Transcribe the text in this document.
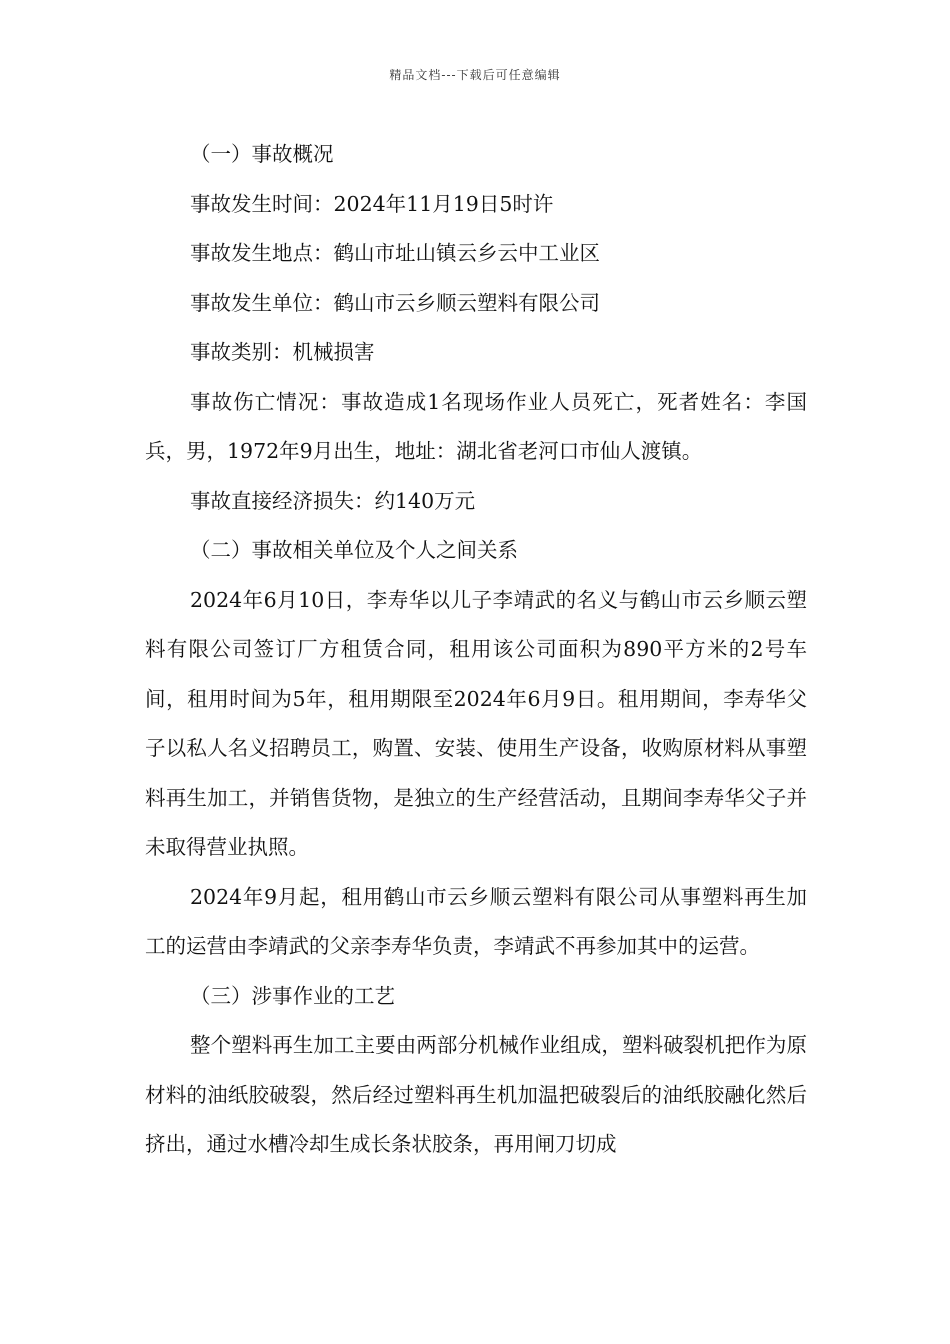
精品文档---下载后可任意编辑

（一）事故概况

事故发生时间：2024年11月19日5时许

事故发生地点：鹤山市址山镇云乡云中工业区

事故发生单位：鹤山市云乡顺云塑料有限公司

事故类别：机械损害

事故伤亡情况：事故造成1名现场作业人员死亡，死者姓名：李国兵，男，1972年9月出生，地址：湖北省老河口市仙人渡镇。

事故直接经济损失：约140万元

（二）事故相关单位及个人之间关系

2024年6月10日，李寿华以儿子李靖武的名义与鹤山市云乡顺云塑料有限公司签订厂方租赁合同，租用该公司面积为890平方米的2号车间，租用时间为5年，租用期限至2024年6月9日。租用期间，李寿华父子以私人名义招聘员工，购置、安装、使用生产设备，收购原材料从事塑料再生加工，并销售货物，是独立的生产经营活动，且期间李寿华父子并未取得营业执照。

2024年9月起，租用鹤山市云乡顺云塑料有限公司从事塑料再生加工的运营由李靖武的父亲李寿华负责，李靖武不再参加其中的运营。

（三）涉事作业的工艺

整个塑料再生加工主要由两部分机械作业组成，塑料破裂机把作为原材料的油纸胶破裂，然后经过塑料再生机加温把破裂后的油纸胶融化然后挤出，通过水槽冷却生成长条状胶条，再用闸刀切成
